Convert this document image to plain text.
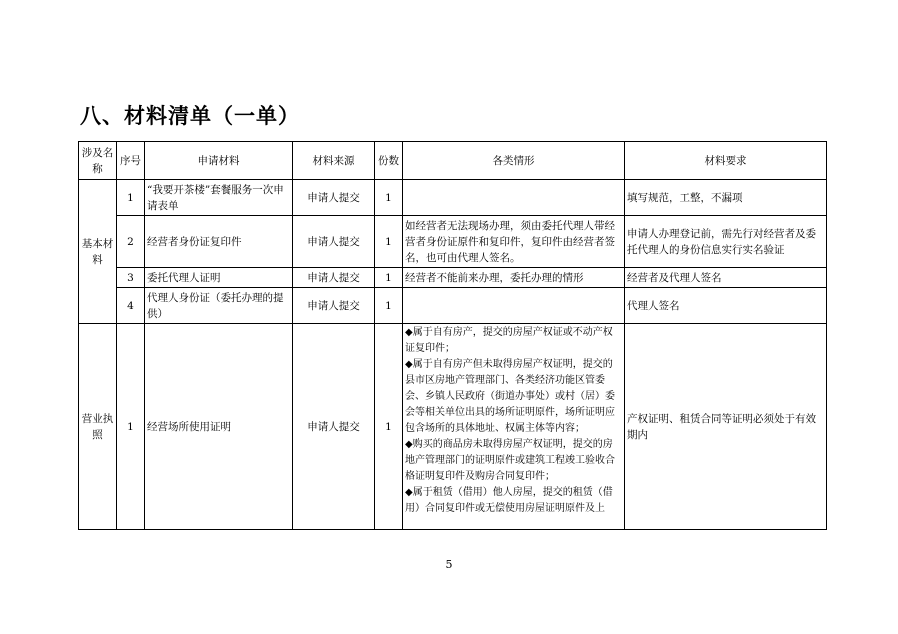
八、材料清单（一单）
涉及名称	序号	申请材料	材料来源	份数	各类情形	材料要求
基本材料	1	“我要开茶楼”套餐服务一次申请表单	申请人提交	1		填写规范，工整，不漏项
	2	经营者身份证复印件	申请人提交	1	如经营者无法现场办理，须由委托代理人带经营者身份证原件和复印件，复印件由经营者签名，也可由代理人签名。	申请人办理登记前，需先行对经营者及委托代理人的身份信息实行实名验证
	3	委托代理人证明	申请人提交	1	经营者不能前来办理，委托办理的情形	经营者及代理人签名
	4	代理人身份证（委托办理的提供）	申请人提交	1		代理人签名
营业执照	1	经营场所使用证明	申请人提交	1	◆属于自有房产，提交的房屋产权证或不动产权证复印件；
◆属于自有房产但未取得房屋产权证明，提交的县市区房地产管理部门、各类经济功能区管委会、乡镇人民政府（街道办事处）或村（居）委会等相关单位出具的场所证明原件，场所证明应包含场所的具体地址、权属主体等内容；
◆购买的商品房未取得房屋产权证明，提交的房地产管理部门的证明原件或建筑工程竣工验收合格证明复印件及购房合同复印件；
◆属于租赁（借用）他人房屋，提交的租赁（借用）合同复印件或无偿使用房屋证明原件及上	产权证明、租赁合同等证明必须处于有效期内
5
